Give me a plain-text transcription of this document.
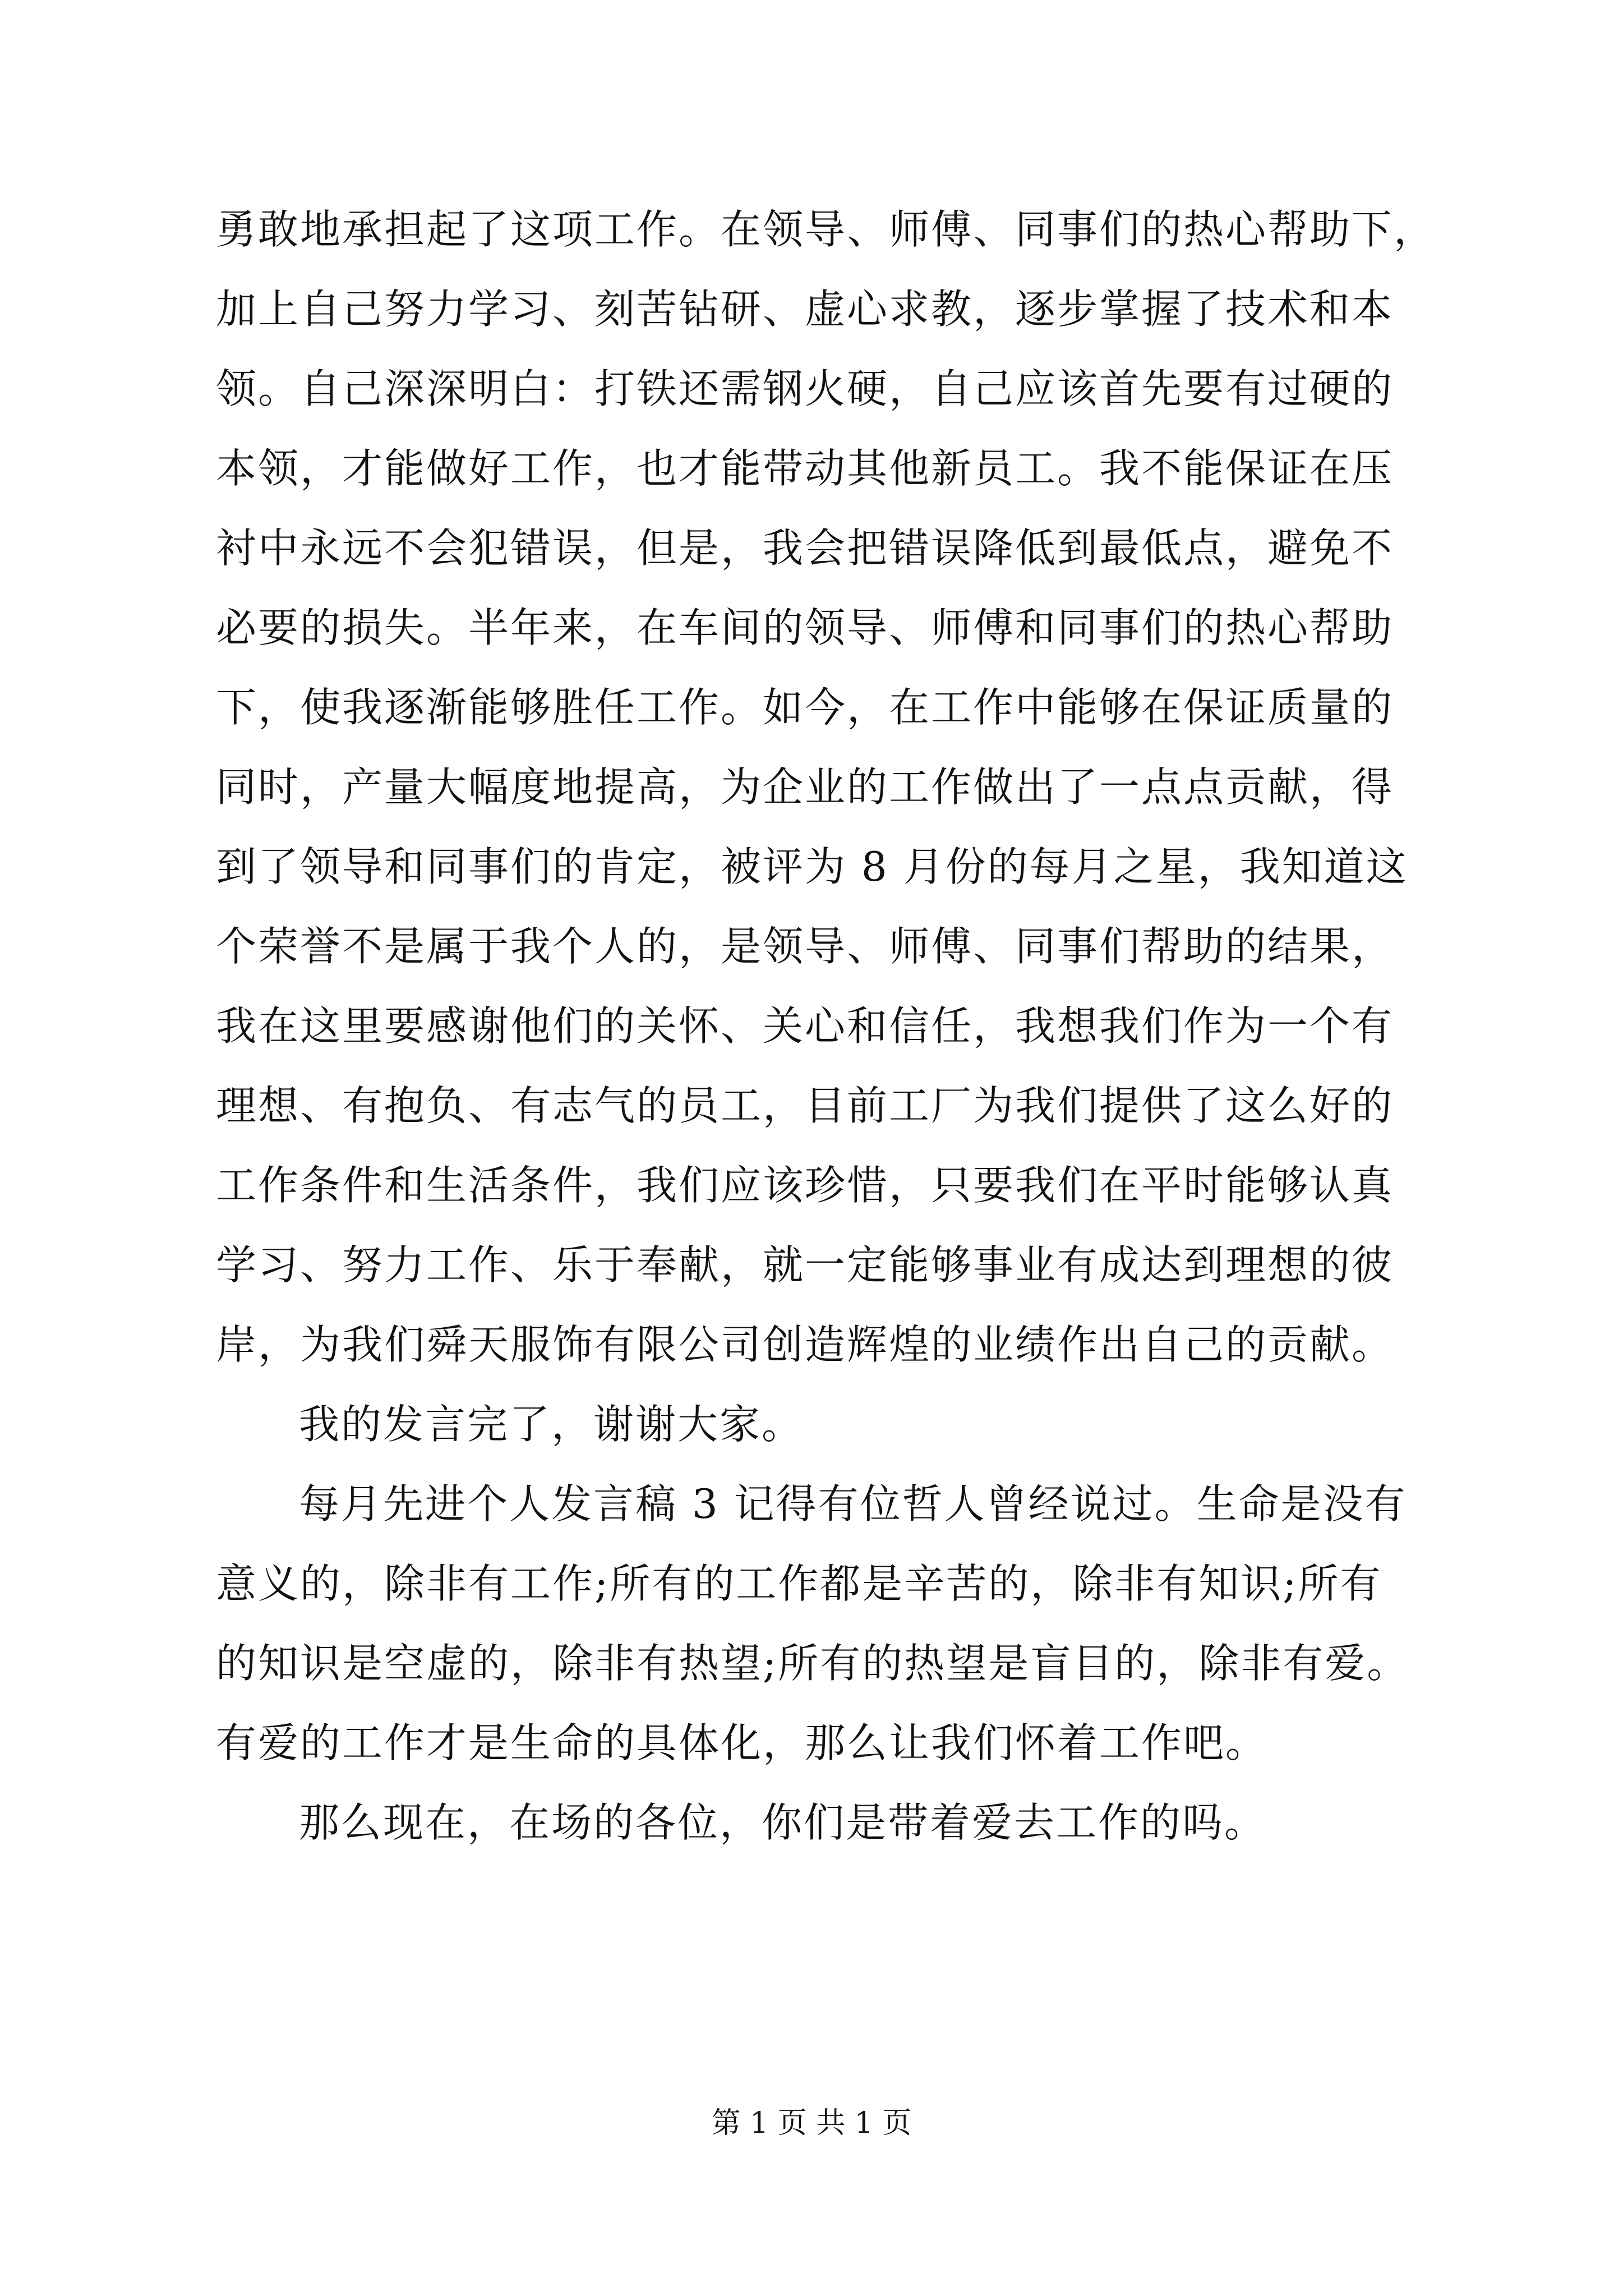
勇敢地承担起了这项工作。在领导、师傅、同事们的热心帮助下，
加上自己努力学习、刻苦钻研、虚心求教，逐步掌握了技术和本
领。自己深深明白：打铁还需钢火硬，自己应该首先要有过硬的
本领，才能做好工作，也才能带动其他新员工。我不能保证在压
衬中永远不会犯错误，但是，我会把错误降低到最低点，避免不
必要的损失。半年来，在车间的领导、师傅和同事们的热心帮助
下，使我逐渐能够胜任工作。如今，在工作中能够在保证质量的
同时，产量大幅度地提高，为企业的工作做出了一点点贡献，得
到了领导和同事们的肯定，被评为 8 月份的每月之星，我知道这
个荣誉不是属于我个人的，是领导、师傅、同事们帮助的结果，
我在这里要感谢他们的关怀、关心和信任，我想我们作为一个有
理想、有抱负、有志气的员工，目前工厂为我们提供了这么好的
工作条件和生活条件，我们应该珍惜，只要我们在平时能够认真
学习、努力工作、乐于奉献，就一定能够事业有成达到理想的彼
岸，为我们舜天服饰有限公司创造辉煌的业绩作出自己的贡献。
我的发言完了，谢谢大家。
每月先进个人发言稿 3 记得有位哲人曾经说过。生命是没有
意义的，除非有工作;所有的工作都是辛苦的，除非有知识;所有
的知识是空虚的，除非有热望;所有的热望是盲目的，除非有爱。
有爱的工作才是生命的具体化，那么让我们怀着工作吧。
那么现在，在场的各位，你们是带着爱去工作的吗。
第 1 页 共 1 页
